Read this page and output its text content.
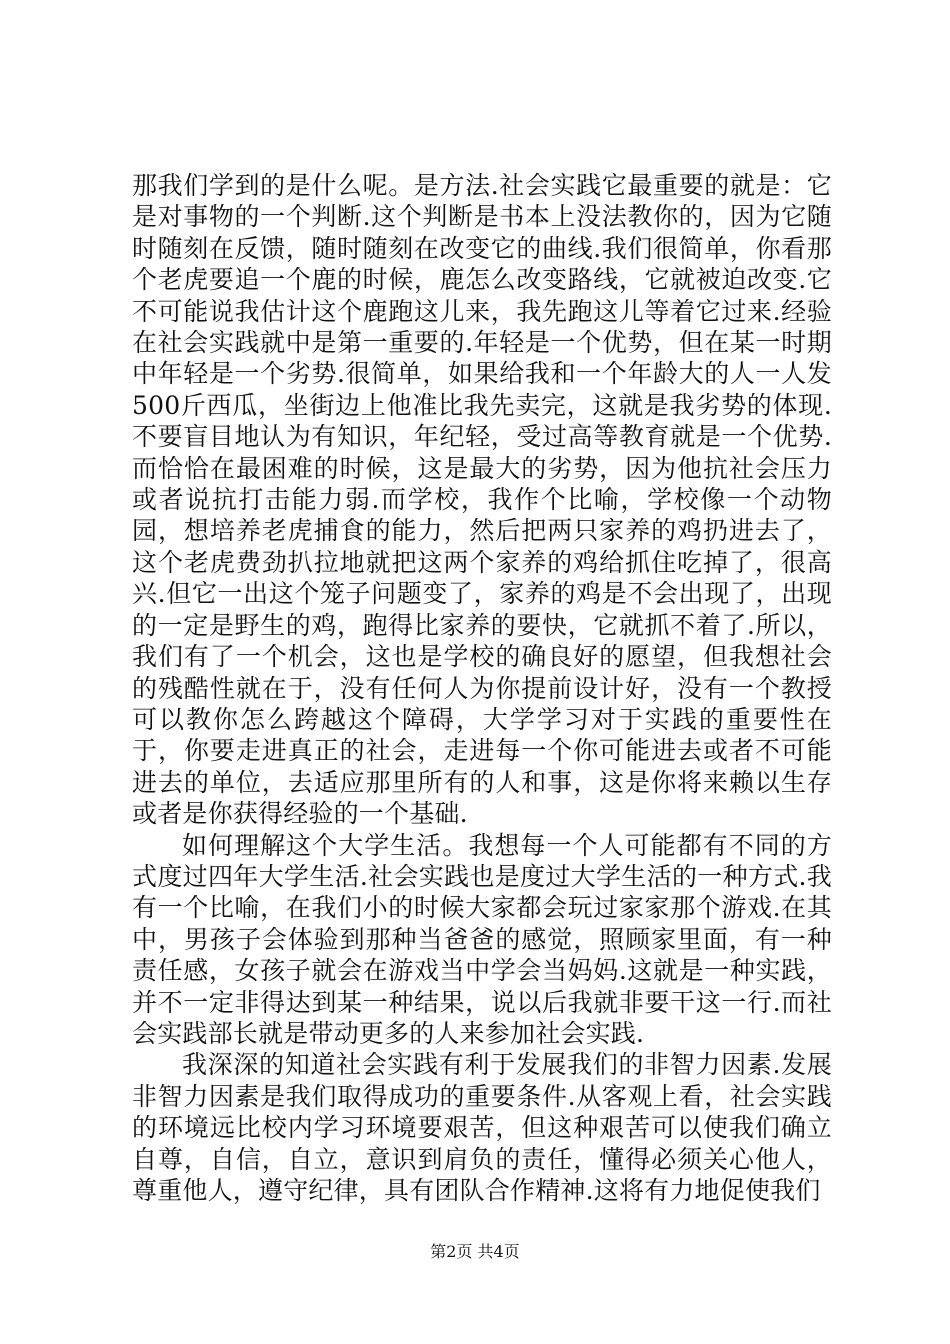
那我们学到的是什么呢。是方法.社会实践它最重要的就是：它是对事物的一个判断.这个判断是书本上没法教你的，因为它随时随刻在反馈，随时随刻在改变它的曲线.我们很简单，你看那个老虎要追一个鹿的时候，鹿怎么改变路线，它就被迫改变.它不可能说我估计这个鹿跑这儿来，我先跑这儿等着它过来.经验在社会实践就中是第一重要的.年轻是一个优势，但在某一时期中年轻是一个劣势.很简单，如果给我和一个年龄大的人一人发500斤西瓜，坐街边上他准比我先卖完，这就是我劣势的体现.不要盲目地认为有知识，年纪轻，受过高等教育就是一个优势.而恰恰在最困难的时候，这是最大的劣势，因为他抗社会压力或者说抗打击能力弱.而学校，我作个比喻，学校像一个动物园，想培养老虎捕食的能力，然后把两只家养的鸡扔进去了，这个老虎费劲扒拉地就把这两个家养的鸡给抓住吃掉了，很高兴.但它一出这个笼子问题变了，家养的鸡是不会出现了，出现的一定是野生的鸡，跑得比家养的要快，它就抓不着了.所以，我们有了一个机会，这也是学校的确良好的愿望，但我想社会的残酷性就在于，没有任何人为你提前设计好，没有一个教授可以教你怎么跨越这个障碍，大学学习对于实践的重要性在于，你要走进真正的社会，走进每一个你可能进去或者不可能进去的单位，去适应那里所有的人和事，这是你将来赖以生存或者是你获得经验的一个基础.

如何理解这个大学生活。我想每一个人可能都有不同的方式度过四年大学生活.社会实践也是度过大学生活的一种方式.我有一个比喻，在我们小的时候大家都会玩过家家那个游戏.在其中，男孩子会体验到那种当爸爸的感觉，照顾家里面，有一种责任感，女孩子就会在游戏当中学会当妈妈.这就是一种实践，并不一定非得达到某一种结果，说以后我就非要干这一行.而社会实践部长就是带动更多的人来参加社会实践.

我深深的知道社会实践有利于发展我们的非智力因素.发展非智力因素是我们取得成功的重要条件.从客观上看，社会实践的环境远比校内学习环境要艰苦，但这种艰苦可以使我们确立自尊，自信，自立，意识到肩负的责任，懂得必须关心他人，尊重他人，遵守纪律，具有团队合作精神.这将有力地促使我们

第2页 共4页
